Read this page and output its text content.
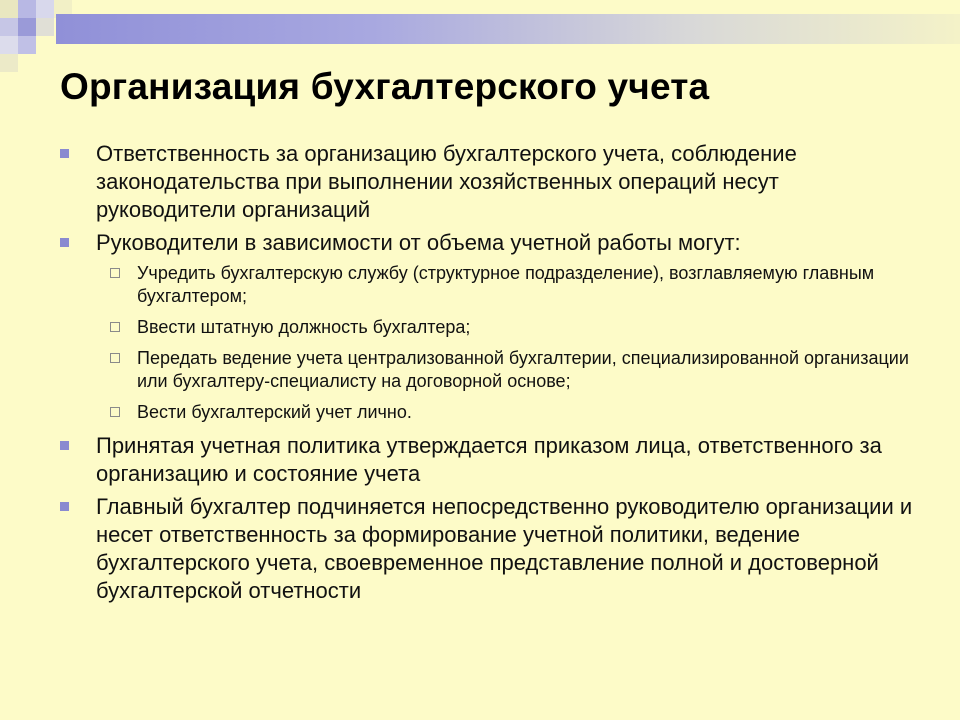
Организация бухгалтерского учета
Ответственность за организацию бухгалтерского учета, соблюдение законодательства при выполнении хозяйственных операций несут руководители организаций
Руководители в зависимости от объема учетной работы могут:
Учредить бухгалтерскую службу (структурное подразделение), возглавляемую главным бухгалтером;
Ввести штатную должность бухгалтера;
Передать ведение учета централизованной бухгалтерии, специализированной организации или бухгалтеру-специалисту на договорной основе;
Вести бухгалтерский учет лично.
Принятая учетная политика утверждается приказом лица, ответственного за организацию и состояние учета
Главный бухгалтер подчиняется непосредственно руководителю организации и несет ответственность за формирование учетной политики, ведение бухгалтерского учета, своевременное представление полной и достоверной бухгалтерской отчетности
